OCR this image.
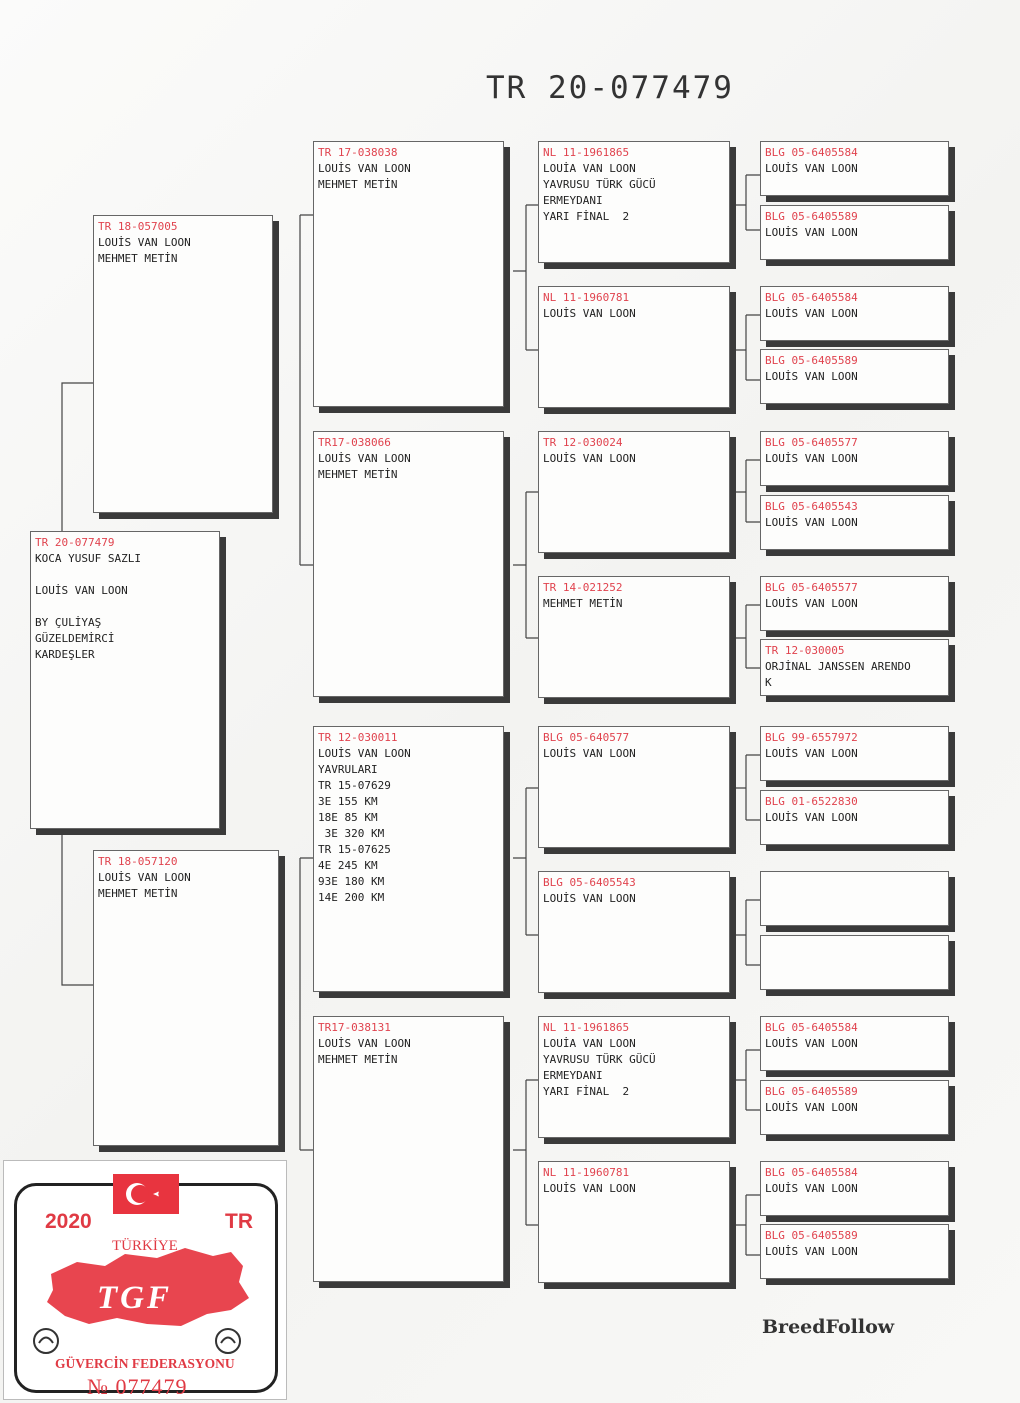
TR 20-077479
TR 20-077479
KOCA YUSUF SAZLI

LOUİS VAN LOON

BY ÇULİYAŞ
GÜZELDEMİRCİ
KARDEŞLER
TR 18-057005
LOUİS VAN LOON
MEHMET METİN
TR 18-057120
LOUİS VAN LOON
MEHMET METİN
TR 17-038038
LOUİS VAN LOON
MEHMET METİN
TR17-038066
LOUİS VAN LOON
MEHMET METİN
TR 12-030011
LOUİS VAN LOON
YAVRULARI
TR 15-07629
3E 155 KM
18E 85 KM
3E 320 KM
TR 15-07625
4E 245 KM
93E 180 KM
14E 200 KM
TR17-038131
LOUİS VAN LOON
MEHMET METİN
NL 11-1961865
LOUİA VAN LOON
YAVRUSU TÜRK GÜCÜ
ERMEYDANI
YARI FİNAL  2
NL 11-1960781
LOUİS VAN LOON
TR 12-030024
LOUİS VAN LOON
TR 14-021252
MEHMET METİN
BLG 05-640577
LOUİS VAN LOON
BLG 05-6405543
LOUİS VAN LOON
NL 11-1961865
LOUİA VAN LOON
YAVRUSU TÜRK GÜCÜ
ERMEYDANI
YARI FİNAL  2
NL 11-1960781
LOUİS VAN LOON
BLG 05-6405584
LOUİS VAN LOON
BLG 05-6405589
LOUİS VAN LOON
BLG 05-6405584
LOUİS VAN LOON
BLG 05-6405589
LOUİS VAN LOON
BLG 05-6405577
LOUİS VAN LOON
BLG 05-6405543
LOUİS VAN LOON
BLG 05-6405577
LOUİS VAN LOON
TR 12-030005
ORJİNAL JANSSEN ARENDO
K
BLG 99-6557972
LOUİS VAN LOON
BLG 01-6522830
LOUİS VAN LOON
BLG 05-6405584
LOUİS VAN LOON
BLG 05-6405589
LOUİS VAN LOON
BLG 05-6405584
LOUİS VAN LOON
BLG 05-6405589
LOUİS VAN LOON
BreedFollow
2020	TR
TÜRKİYE
TGF
GÜVERCİN FEDERASYONU
№ 077479
